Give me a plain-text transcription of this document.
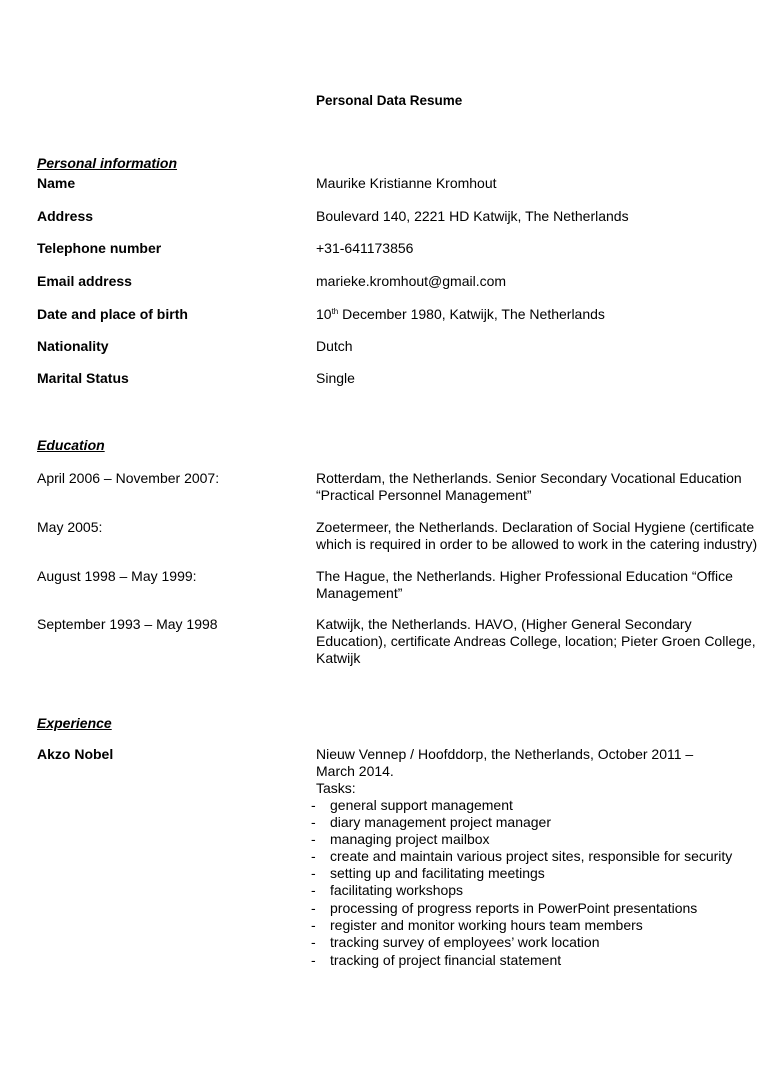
Personal Data Resume
Personal information
Name	Maurike Kristianne Kromhout
Address	Boulevard 140, 2221 HD Katwijk, The Netherlands
Telephone number	+31-641173856
Email address	marieke.kromhout@gmail.com
Date and place of birth	10th December 1980, Katwijk, The Netherlands
Nationality	Dutch
Marital Status	Single
Education
April 2006 – November 2007:	Rotterdam, the Netherlands. Senior Secondary Vocational Education
“Practical Personnel Management”
May 2005:	Zoetermeer, the Netherlands. Declaration of Social Hygiene (certificate
which is required in order to be allowed to work in the catering industry)
August 1998 – May 1999:	The Hague, the Netherlands. Higher Professional Education “Office
Management”
September 1993 – May 1998	Katwijk, the Netherlands. HAVO, (Higher General Secondary
Education), certificate Andreas College, location; Pieter Groen College,
Katwijk
Experience
Akzo Nobel	Nieuw Vennep / Hoofddorp, the Netherlands, October 2011 –
March 2014.
Tasks:
- general support management
- diary management project manager
- managing project mailbox
- create and maintain various project sites, responsible for security
- setting up and facilitating meetings
- facilitating workshops
- processing of progress reports in PowerPoint presentations
- register and monitor working hours team members
- tracking survey of employees’ work location
- tracking of project financial statement
